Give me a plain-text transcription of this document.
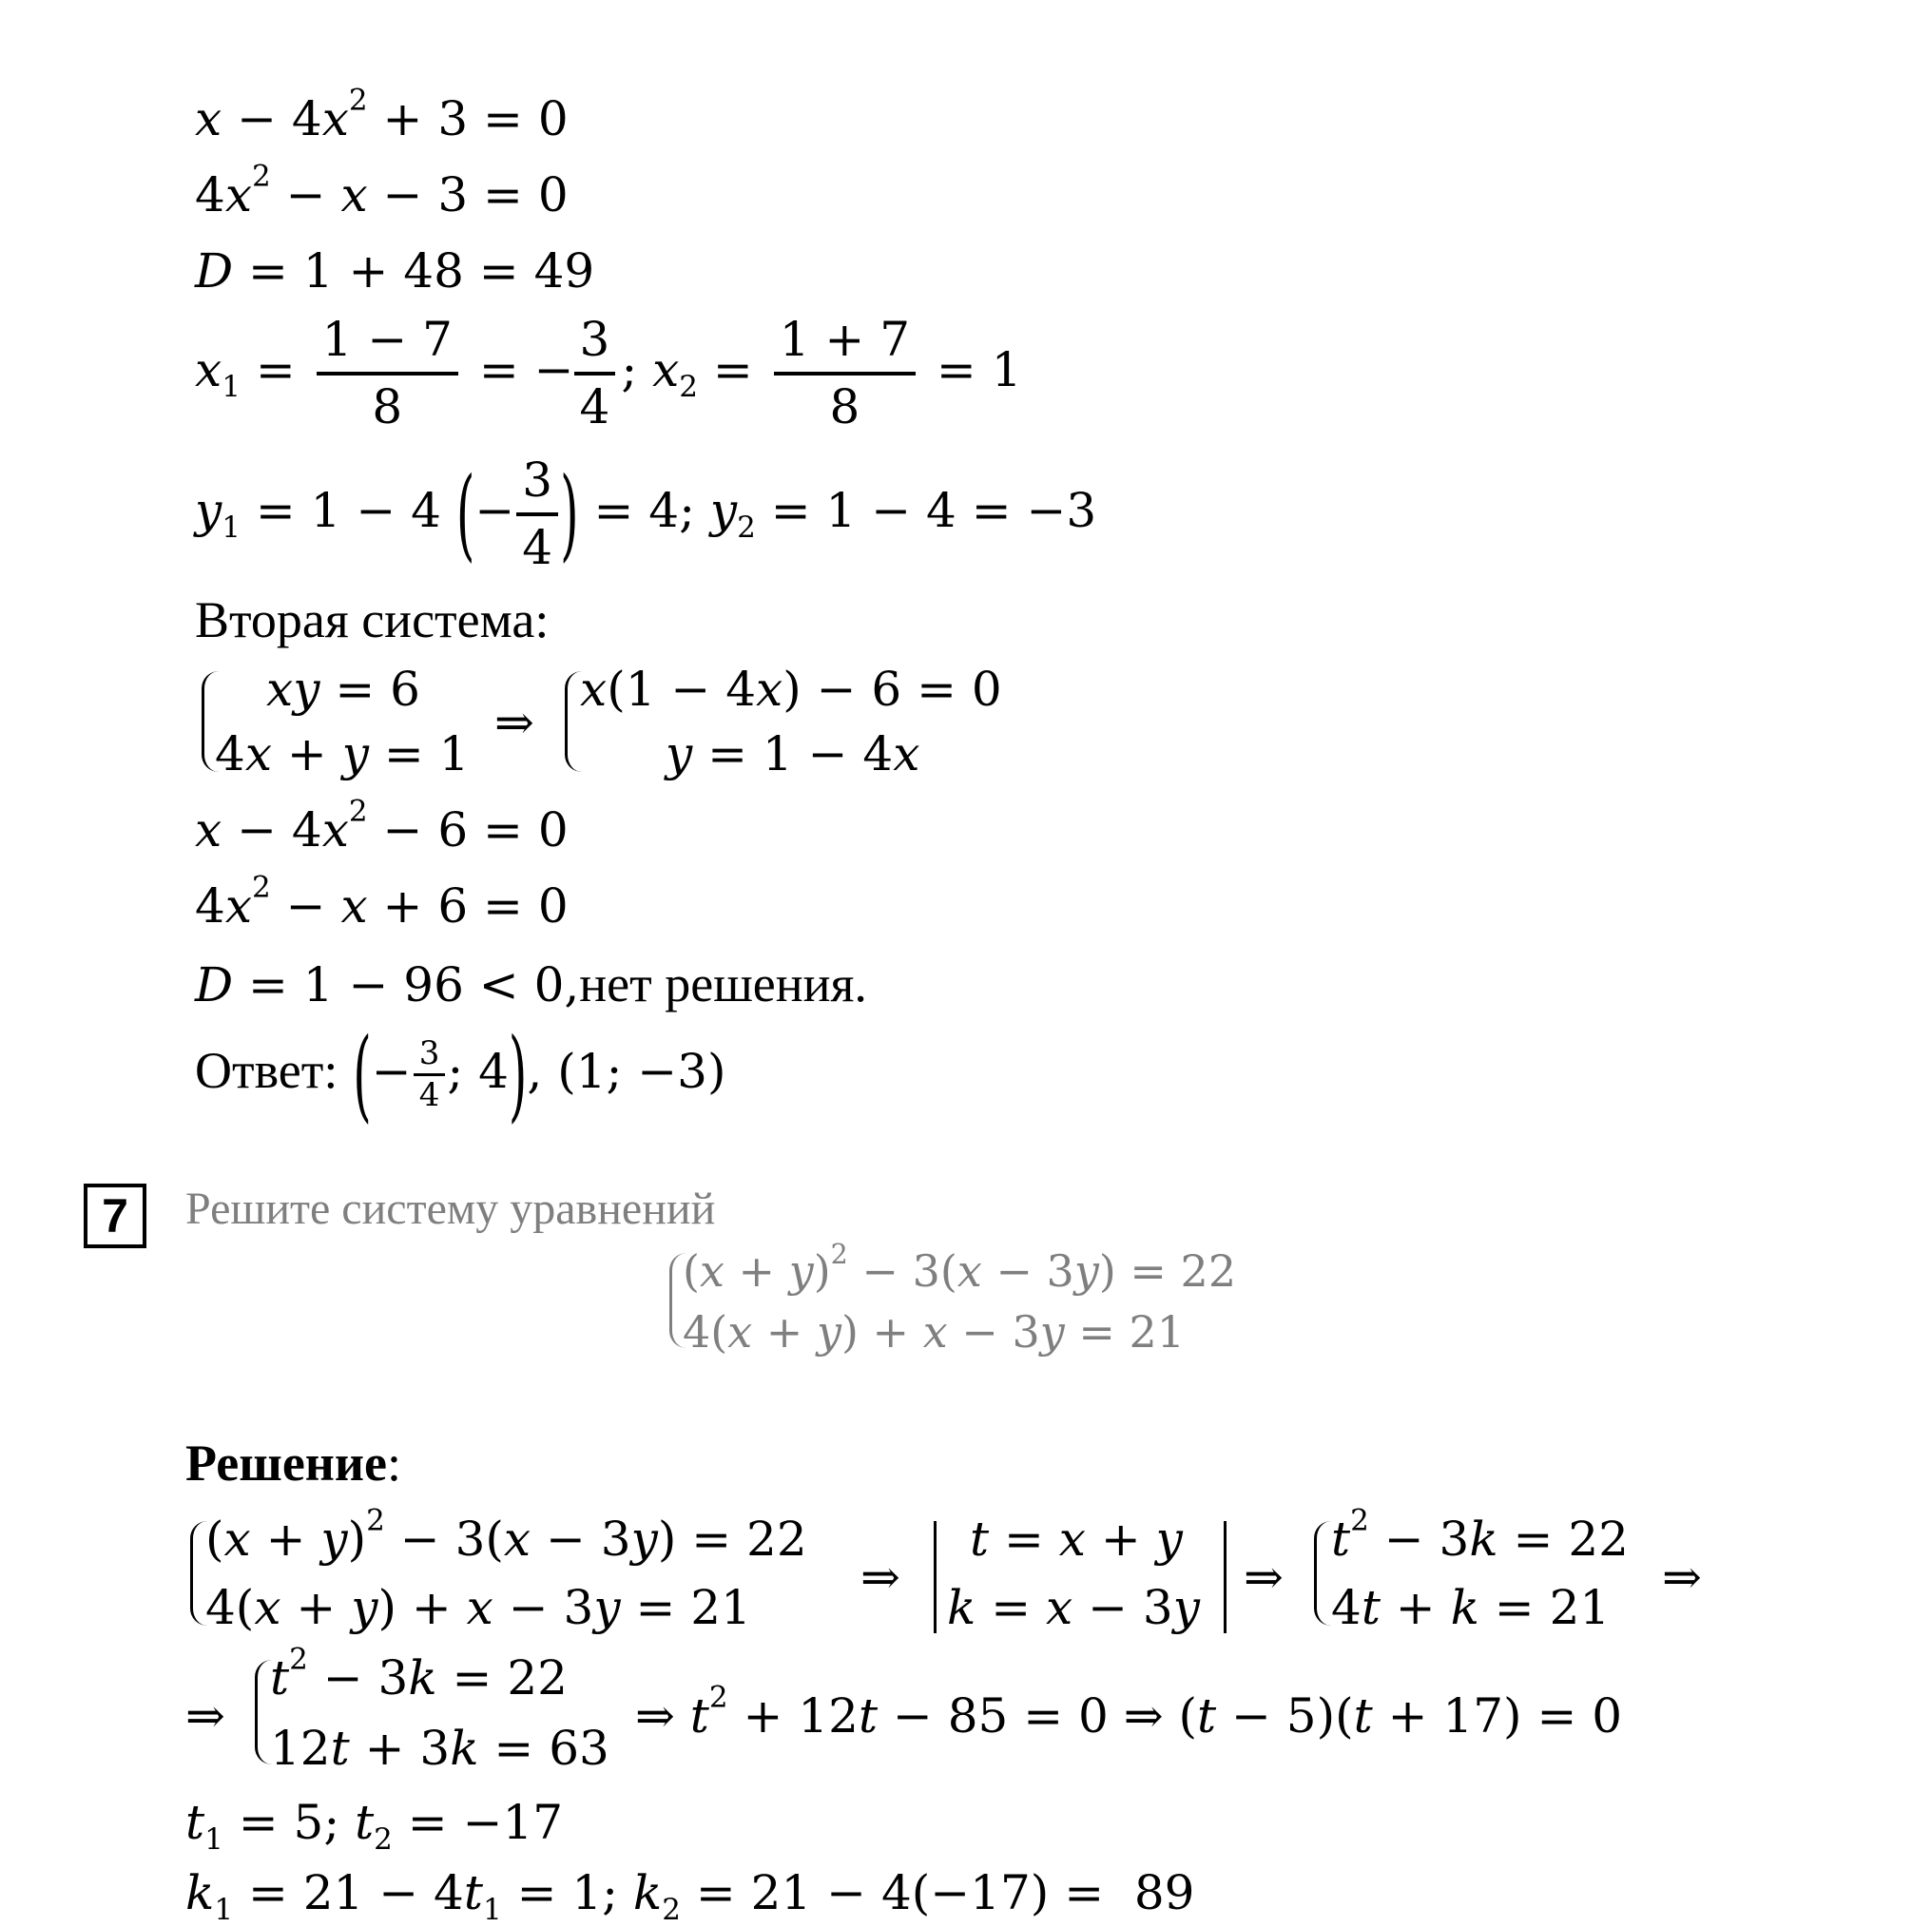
$x - 4x^2 + 3 = 0$
$4x^2 - x - 3 = 0$
D = 1 + 48 = 49
$x_1 = \frac{1 - 7}{8}$ = − $\frac{3}{4}$ ; $x_2 = \frac{1 + 7}{8} = 1$
$y_1 = 1 - 4$ (− $\frac{3}{4}$ ) = 4; $y_2 = 1 - 4 = -3$
Вторая система:
xy = 6
4x + y = 1
⇒
x(1 − 4x) − 6 = 0
y = 1 − 4x
$x - 4x^2 - 6 = 0$
$4x^2 - x + 6 = 0$
D = 1 − 96 < 0,нет решения.
Ответ: (− $\frac{3}{4}$ ; 4), (1; −3)
7	Решите систему уравнений
$(x + y)^2 - 3(x - 3y) = 22$
4(x + y) + x − 3y = 21
Решение:
$(x + y)^2 - 3(x - 3y) = 22$
4(x + y) + x − 3y = 21
⇒
t = x + y
k = x − 3y
⇒
$t^2 - 3k = 22$
4t + k = 21
⇒
⇒
$t^2 - 3k = 22$
12t + 3k = 63
⇒ $t^2 + 12t - 85 = 0$ ⇒ (t − 5)(t + 17) = 0
$t_1 = 5$; $t_2 = -17$
$k_1 = 21 - 4t_1 = 1$; $k_2 = 21 - 4(-17) = 89$
